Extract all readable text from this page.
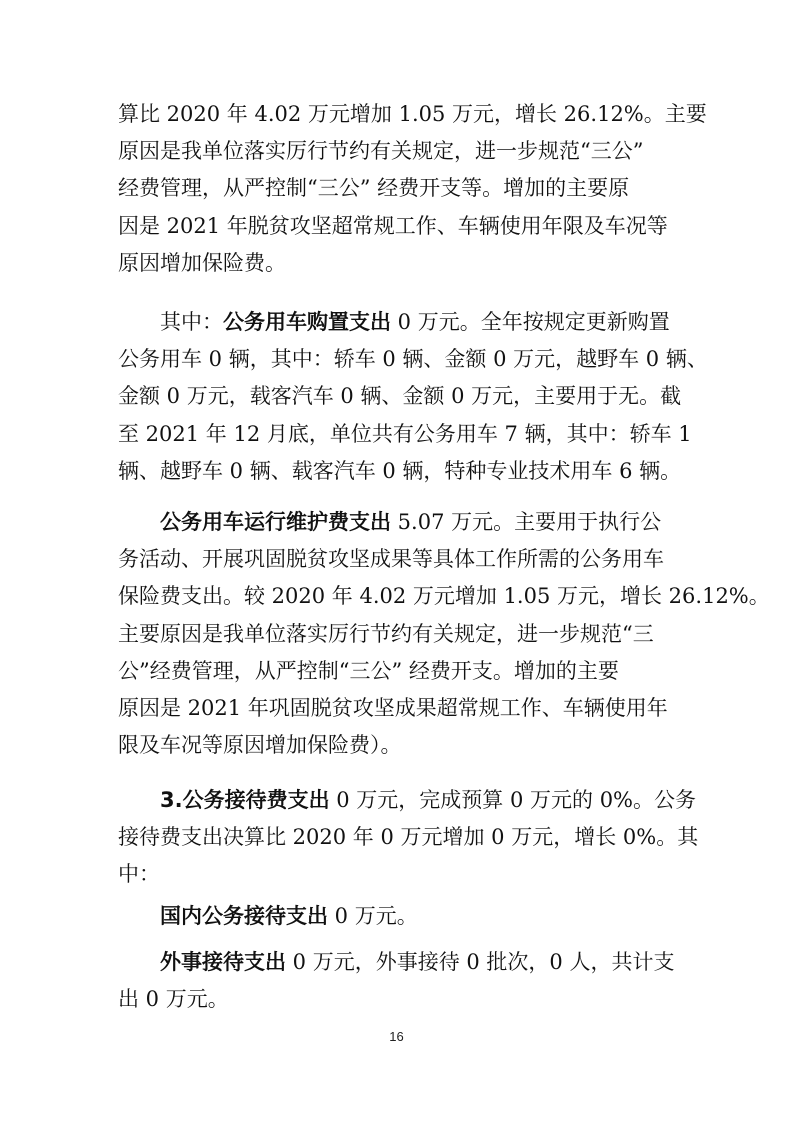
算比 2020 年 4.02 万元增加 1.05 万元，增长 26.12%。主要
原因是我单位落实厉行节约有关规定，进一步规范“三公”
经费管理，从严控制“三公” 经费开支等。增加的主要原
因是 2021 年脱贫攻坚超常规工作、车辆使用年限及车况等
原因增加保险费。
其中：公务用车购置支出 0 万元。全年按规定更新购置
公务用车 0 辆，其中：轿车 0 辆、金额 0 万元，越野车 0 辆、
金额 0 万元，载客汽车 0 辆、金额 0 万元，主要用于无。截
至 2021 年 12 月底，单位共有公务用车 7 辆，其中：轿车 1
辆、越野车 0 辆、载客汽车 0 辆，特种专业技术用车 6 辆。
公务用车运行维护费支出 5.07 万元。主要用于执行公
务活动、开展巩固脱贫攻坚成果等具体工作所需的公务用车
保险费支出。较 2020 年 4.02 万元增加 1.05 万元，增长 26.12%。
主要原因是我单位落实厉行节约有关规定，进一步规范“三
公”经费管理，从严控制“三公” 经费开支。增加的主要
原因是 2021 年巩固脱贫攻坚成果超常规工作、车辆使用年
限及车况等原因增加保险费）。
3.公务接待费支出 0 万元，完成预算 0 万元的 0%。公务
接待费支出决算比 2020 年 0 万元增加 0 万元，增长 0%。其
中：
国内公务接待支出 0 万元。
外事接待支出 0 万元，外事接待 0 批次，0 人，共计支
出 0 万元。
16
